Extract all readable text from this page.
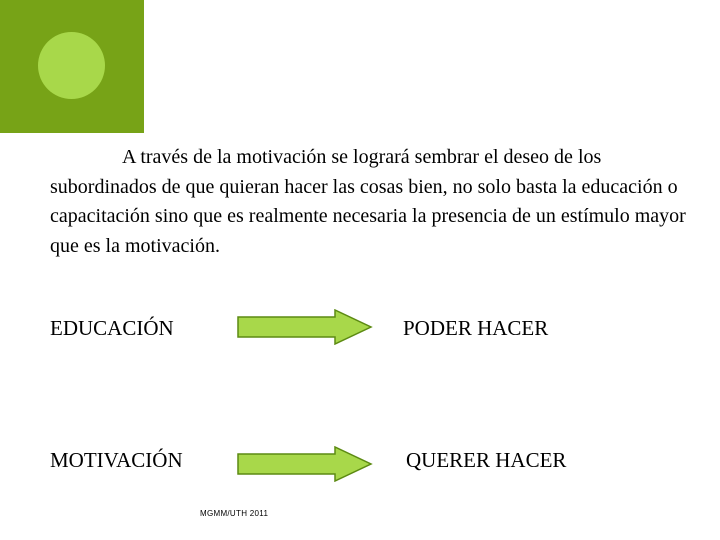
A través de la motivación se logrará sembrar el deseo de los subordinados de que quieran hacer las cosas bien, no solo basta la educación o capacitación sino que es realmente necesaria la presencia de un estímulo mayor que es la motivación.

EDUCACIÓN	PODER HACER

MOTIVACIÓN	QUERER HACER

MGMM/UTH 2011
